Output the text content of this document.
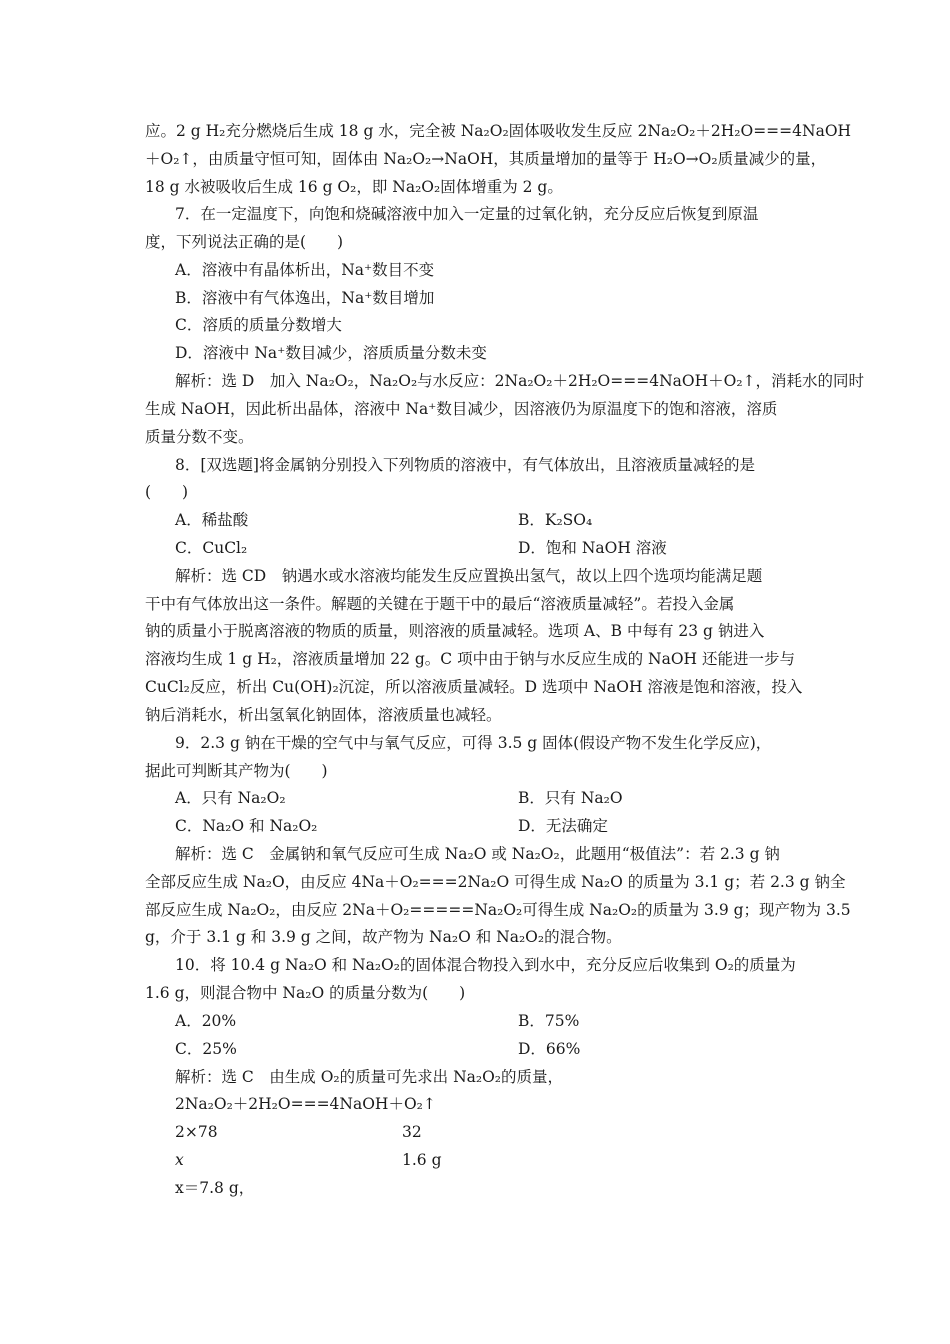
应。2 g H₂充分燃烧后生成 18 g 水，完全被 Na₂O₂固体吸收发生反应 2Na₂O₂＋2H₂O===4NaOH
＋O₂↑，由质量守恒可知，固体由 Na₂O₂→NaOH，其质量增加的量等于 H₂O→O₂质量减少的量，
18 g 水被吸收后生成 16 g O₂，即 Na₂O₂固体增重为 2 g。
7．在一定温度下，向饱和烧碱溶液中加入一定量的过氧化钠，充分反应后恢复到原温
度，下列说法正确的是(　　)
A．溶液中有晶体析出，Na⁺数目不变
B．溶液中有气体逸出，Na⁺数目增加
C．溶质的质量分数增大
D．溶液中 Na⁺数目减少，溶质质量分数未变
解析：选 D　加入 Na₂O₂，Na₂O₂与水反应：2Na₂O₂＋2H₂O===4NaOH＋O₂↑，消耗水的同时
生成 NaOH，因此析出晶体，溶液中 Na⁺数目减少，因溶液仍为原温度下的饱和溶液，溶质
质量分数不变。
8．[双选题]将金属钠分别投入下列物质的溶液中，有气体放出，且溶液质量减轻的是
(　　)
A．稀盐酸	B．K₂SO₄
C．CuCl₂	D．饱和 NaOH 溶液
解析：选 CD　钠遇水或水溶液均能发生反应置换出氢气，故以上四个选项均能满足题
干中有气体放出这一条件。解题的关键在于题干中的最后“溶液质量减轻”。若投入金属
钠的质量小于脱离溶液的物质的质量，则溶液的质量减轻。选项 A、B 中每有 23 g 钠进入
溶液均生成 1 g H₂，溶液质量增加 22 g。C 项中由于钠与水反应生成的 NaOH 还能进一步与
CuCl₂反应，析出 Cu(OH)₂沉淀，所以溶液质量减轻。D 选项中 NaOH 溶液是饱和溶液，投入
钠后消耗水，析出氢氧化钠固体，溶液质量也减轻。
9．2.3 g 钠在干燥的空气中与氧气反应，可得 3.5 g 固体(假设产物不发生化学反应)，
据此可判断其产物为(　　)
A．只有 Na₂O₂	B．只有 Na₂O
C．Na₂O 和 Na₂O₂	D．无法确定
解析：选 C　金属钠和氧气反应可生成 Na₂O 或 Na₂O₂，此题用“极值法”：若 2.3 g 钠
全部反应生成 Na₂O，由反应 4Na＋O₂===2Na₂O 可得生成 Na₂O 的质量为 3.1 g；若 2.3 g 钠全
部反应生成 Na₂O₂，由反应 2Na＋O₂=====Na₂O₂可得生成 Na₂O₂的质量为 3.9 g；现产物为 3.5
g，介于 3.1 g 和 3.9 g 之间，故产物为 Na₂O 和 Na₂O₂的混合物。
10．将 10.4 g Na₂O 和 Na₂O₂的固体混合物投入到水中，充分反应后收集到 O₂的质量为
1.6 g，则混合物中 Na₂O 的质量分数为(　　)
A．20%	B．75%
C．25%	D．66%
解析：选 C　由生成 O₂的质量可先求出 Na₂O₂的质量，
2Na₂O₂＋2H₂O===4NaOH＋O₂↑
2×78	32
x	1.6 g
x＝7.8 g，
